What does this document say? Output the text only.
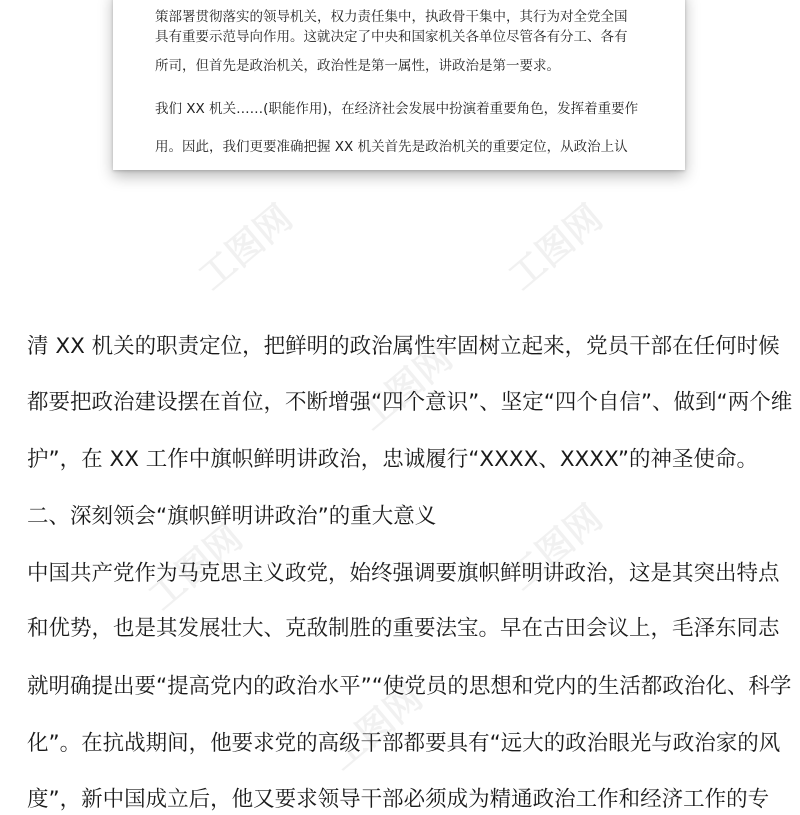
策部署贯彻落实的领导机关，权力责任集中，执政骨干集中，其行为对全党全国
具有重要示范导向作用。这就决定了中央和国家机关各单位尽管各有分工、各有
所司，但首先是政治机关，政治性是第一属性，讲政治是第一要求。
我们 XX 机关……(职能作用)，在经济社会发展中扮演着重要角色，发挥着重要作
用。因此，我们更要准确把握 XX 机关首先是政治机关的重要定位，从政治上认
工图网	工图网
工图网
工图网	工图网
工图网
清 XX 机关的职责定位，把鲜明的政治属性牢固树立起来，党员干部在任何时候
都要把政治建设摆在首位，不断增强“四个意识”、坚定“四个自信”、做到“两个维
护”，在 XX 工作中旗帜鲜明讲政治，忠诚履行“XXXX、XXXX”的神圣使命。
二、深刻领会“旗帜鲜明讲政治”的重大意义
中国共产党作为马克思主义政党，始终强调要旗帜鲜明讲政治，这是其突出特点
和优势，也是其发展壮大、克敌制胜的重要法宝。早在古田会议上，毛泽东同志
就明确提出要“提高党内的政治水平”“使党员的思想和党内的生活都政治化、科学
化”。在抗战期间，他要求党的高级干部都要具有“远大的政治眼光与政治家的风
度”，新中国成立后，他又要求领导干部必须成为精通政治工作和经济工作的专
